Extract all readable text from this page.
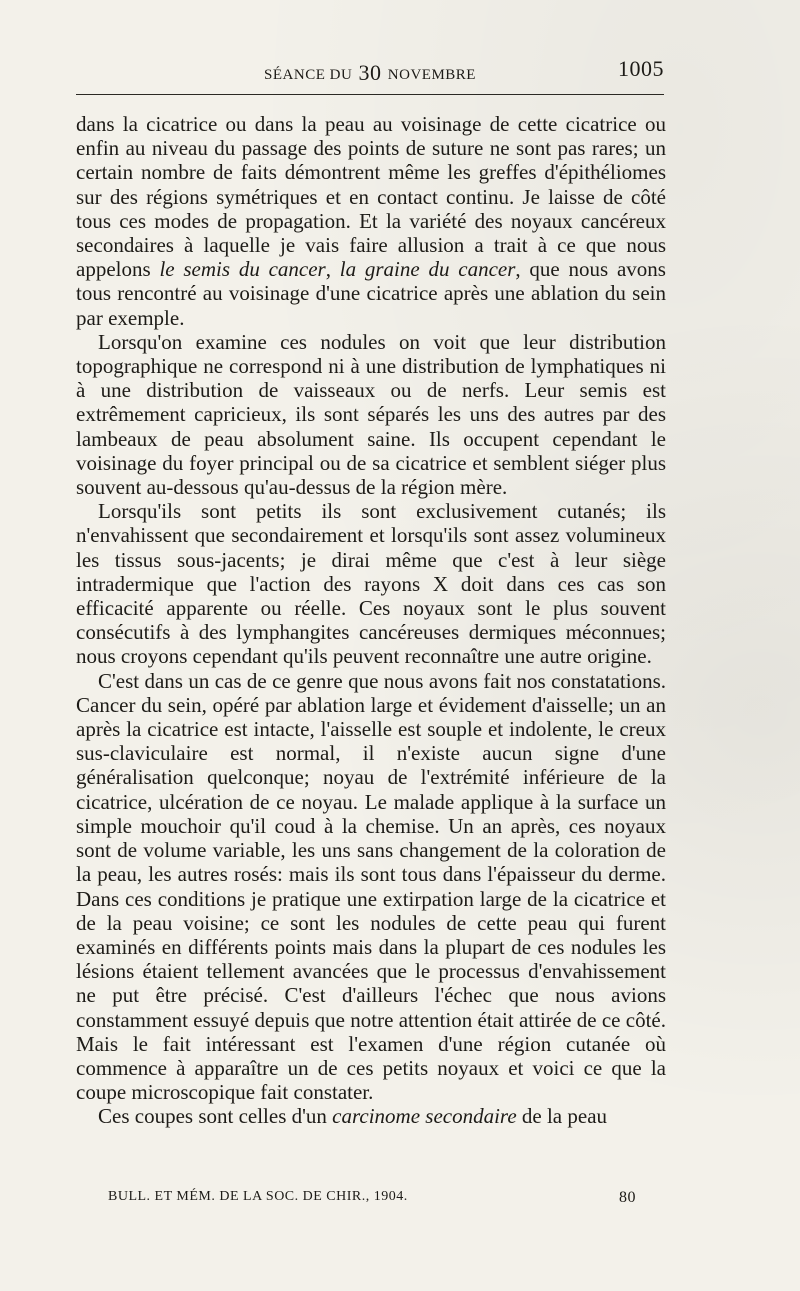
SÉANCE DU 30 NOVEMBRE	1005

dans la cicatrice ou dans la peau au voisinage de cette cicatrice ou enfin au niveau du passage des points de suture ne sont pas rares; un certain nombre de faits démontrent même les greffes d'épithéliomes sur des régions symétriques et en contact continu. Je laisse de côté tous ces modes de propagation. Et la variété des noyaux cancéreux secondaires à laquelle je vais faire allusion a trait à ce que nous appelons le semis du cancer, la graine du cancer, que nous avons tous rencontré au voisinage d'une cicatrice après une ablation du sein par exemple.

Lorsqu'on examine ces nodules on voit que leur distribution topographique ne correspond ni à une distribution de lymphatiques ni à une distribution de vaisseaux ou de nerfs. Leur semis est extrêmement capricieux, ils sont séparés les uns des autres par des lambeaux de peau absolument saine. Ils occupent cependant le voisinage du foyer principal ou de sa cicatrice et semblent siéger plus souvent au-dessous qu'au-dessus de la région mère.

Lorsqu'ils sont petits ils sont exclusivement cutanés; ils n'envahissent que secondairement et lorsqu'ils sont assez volumineux les tissus sous-jacents; je dirai même que c'est à leur siège intradermique que l'action des rayons X doit dans ces cas son efficacité apparente ou réelle. Ces noyaux sont le plus souvent consécutifs à des lymphangites cancéreuses dermiques méconnues; nous croyons cependant qu'ils peuvent reconnaître une autre origine.

C'est dans un cas de ce genre que nous avons fait nos constatations. Cancer du sein, opéré par ablation large et évidement d'aisselle; un an après la cicatrice est intacte, l'aisselle est souple et indolente, le creux sus-claviculaire est normal, il n'existe aucun signe d'une généralisation quelconque; noyau de l'extrémité inférieure de la cicatrice, ulcération de ce noyau. Le malade applique à la surface un simple mouchoir qu'il coud à la chemise. Un an après, ces noyaux sont de volume variable, les uns sans changement de la coloration de la peau, les autres rosés: mais ils sont tous dans l'épaisseur du derme. Dans ces conditions je pratique une extirpation large de la cicatrice et de la peau voisine; ce sont les nodules de cette peau qui furent examinés en différents points mais dans la plupart de ces nodules les lésions étaient tellement avancées que le processus d'envahissement ne put être précisé. C'est d'ailleurs l'échec que nous avions constamment essuyé depuis que notre attention était attirée de ce côté. Mais le fait intéressant est l'examen d'une région cutanée où commence à apparaître un de ces petits noyaux et voici ce que la coupe microscopique fait constater.

Ces coupes sont celles d'un carcinome secondaire de la peau

BULL. ET MÉM. DE LA SOC. DE CHIR., 1904.	80
